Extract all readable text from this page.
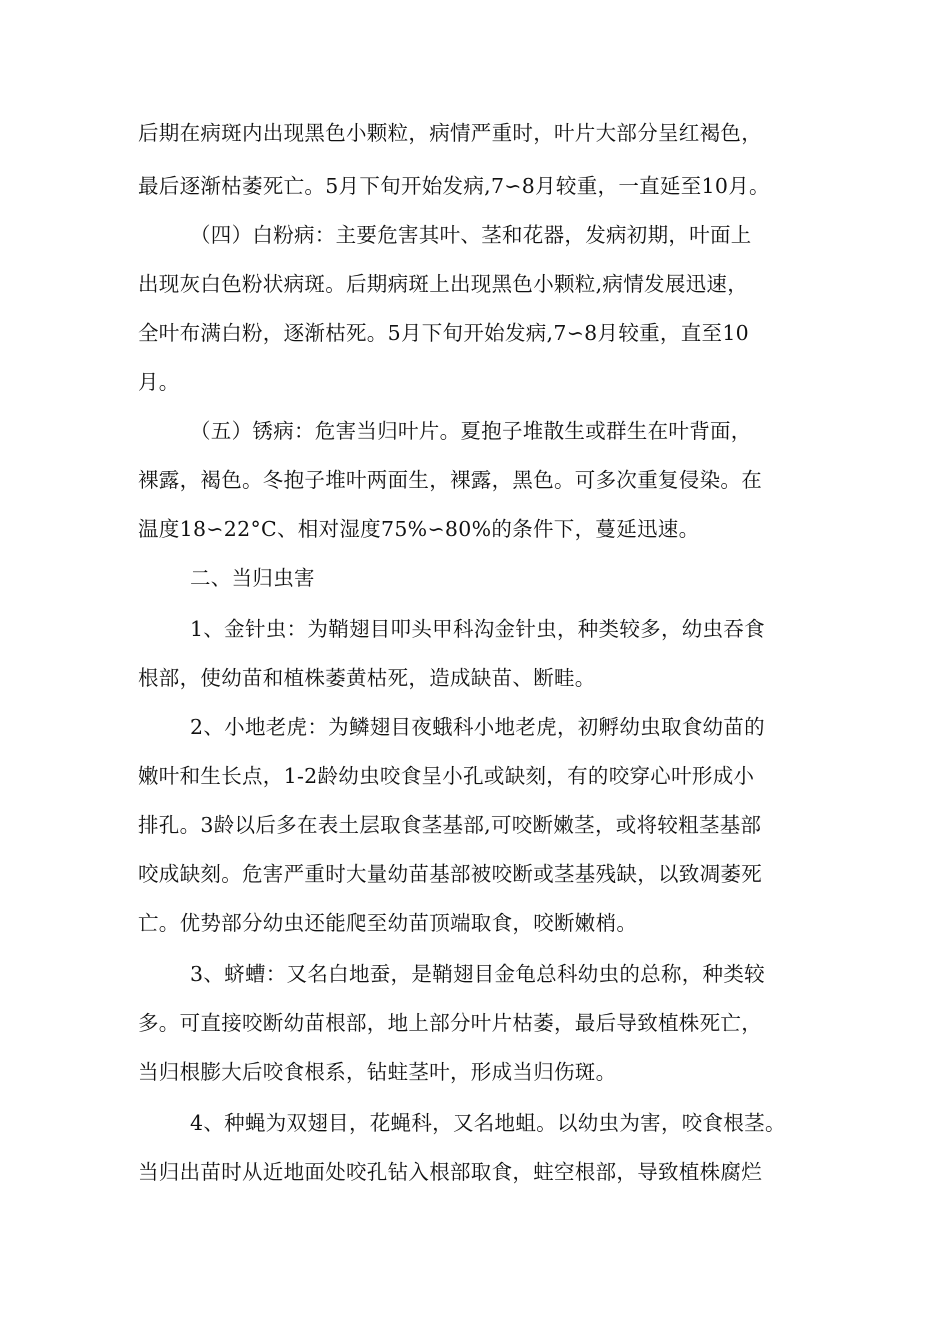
后期在病斑内出现黑色小颗粒，病情严重时，叶片大部分呈红褐色，
最后逐渐枯萎死亡。5月下旬开始发病,7∽8月较重，一直延至10月。
（四）白粉病：主要危害其叶、茎和花器，发病初期，叶面上
出现灰白色粉状病斑。后期病斑上出现黑色小颗粒,病情发展迅速，
全叶布满白粉，逐渐枯死。5月下旬开始发病,7∽8月较重，直至10
月。
（五）锈病：危害当归叶片。夏抱子堆散生或群生在叶背面，
裸露，褐色。冬抱子堆叶两面生，裸露，黑色。可多次重复侵染。在
温度18∽22°C、相对湿度75%∽80%的条件下，蔓延迅速。
二、当归虫害
1、金针虫：为鞘翅目叩头甲科沟金针虫，种类较多，幼虫吞食
根部，使幼苗和植株萎黄枯死，造成缺苗、断畦。
2、小地老虎：为鳞翅目夜蛾科小地老虎，初孵幼虫取食幼苗的
嫩叶和生长点，1-2龄幼虫咬食呈小孔或缺刻，有的咬穿心叶形成小
排孔。3龄以后多在表土层取食茎基部,可咬断嫩茎，或将较粗茎基部
咬成缺刻。危害严重时大量幼苗基部被咬断或茎基残缺，以致凋萎死
亡。优势部分幼虫还能爬至幼苗顶端取食，咬断嫩梢。
3、蛴螬：又名白地蚕，是鞘翅目金龟总科幼虫的总称，种类较
多。可直接咬断幼苗根部，地上部分叶片枯萎，最后导致植株死亡，
当归根膨大后咬食根系，钻蛀茎叶，形成当归伤斑。
4、种蝇为双翅目，花蝇科，又名地蛆。以幼虫为害，咬食根茎。
当归出苗时从近地面处咬孔钻入根部取食，蛀空根部，导致植株腐烂
